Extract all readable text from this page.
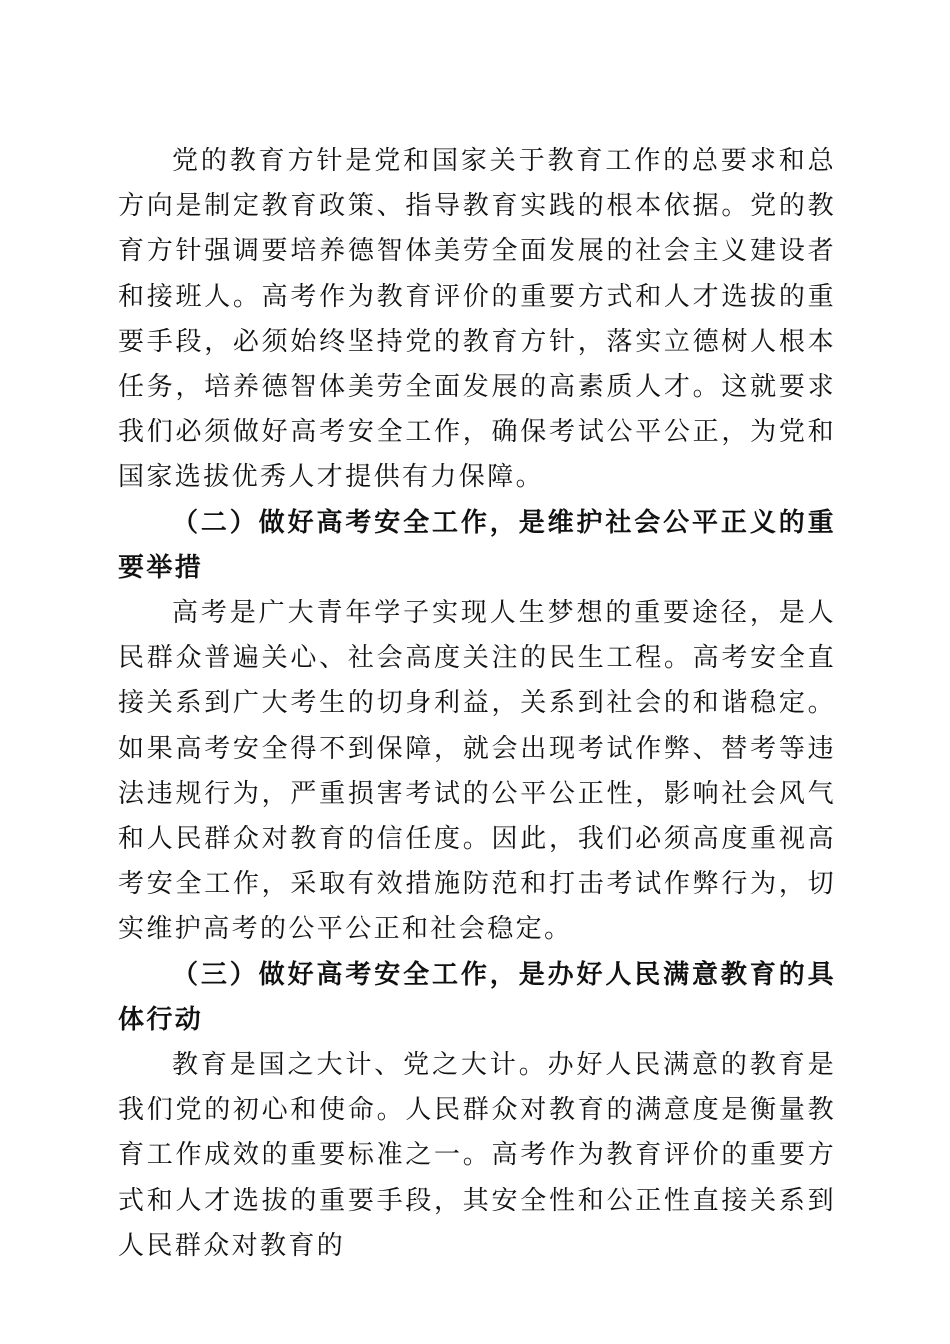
党的教育方针是党和国家关于教育工作的总要求和总方向是制定教育政策、指导教育实践的根本依据。党的教育方针强调要培养德智体美劳全面发展的社会主义建设者和接班人。高考作为教育评价的重要方式和人才选拔的重要手段，必须始终坚持党的教育方针，落实立德树人根本任务，培养德智体美劳全面发展的高素质人才。这就要求我们必须做好高考安全工作，确保考试公平公正，为党和国家选拔优秀人才提供有力保障。

（二）做好高考安全工作，是维护社会公平正义的重要举措

高考是广大青年学子实现人生梦想的重要途径，是人民群众普遍关心、社会高度关注的民生工程。高考安全直接关系到广大考生的切身利益，关系到社会的和谐稳定。如果高考安全得不到保障，就会出现考试作弊、替考等违法违规行为，严重损害考试的公平公正性，影响社会风气和人民群众对教育的信任度。因此，我们必须高度重视高考安全工作，采取有效措施防范和打击考试作弊行为，切实维护高考的公平公正和社会稳定。

（三）做好高考安全工作，是办好人民满意教育的具体行动

教育是国之大计、党之大计。办好人民满意的教育是我们党的初心和使命。人民群众对教育的满意度是衡量教育工作成效的重要标准之一。高考作为教育评价的重要方式和人才选拔的重要手段，其安全性和公正性直接关系到人民群众对教育的
